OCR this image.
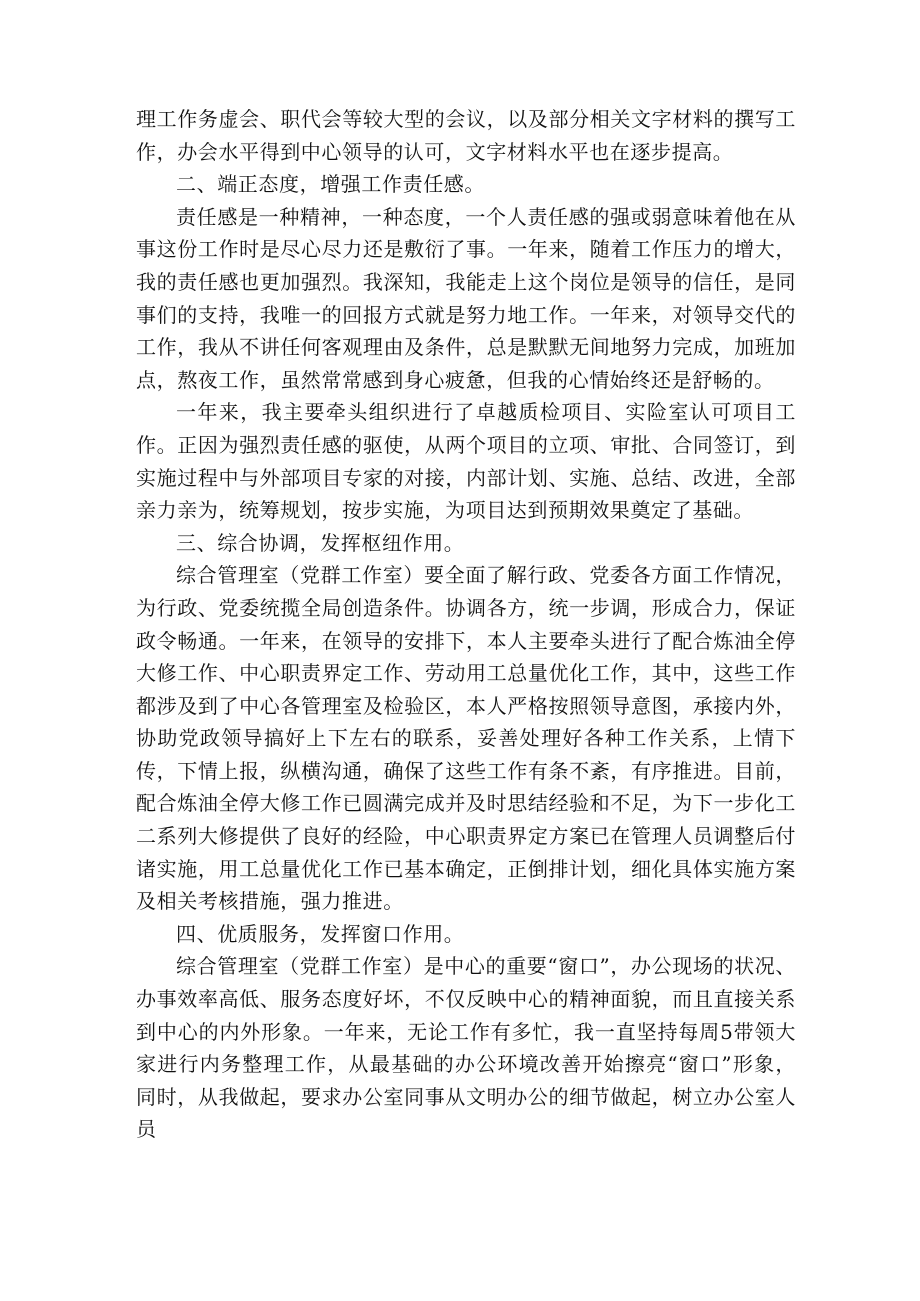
理工作务虚会、职代会等较大型的会议，以及部分相关文字材料的撰写工作，办会水平得到中心领导的认可，文字材料水平也在逐步提高。

二、端正态度，增强工作责任感。

责任感是一种精神，一种态度，一个人责任感的强或弱意味着他在从事这份工作时是尽心尽力还是敷衍了事。一年来，随着工作压力的增大，我的责任感也更加强烈。我深知，我能走上这个岗位是领导的信任，是同事们的支持，我唯一的回报方式就是努力地工作。一年来，对领导交代的工作，我从不讲任何客观理由及条件，总是默默无间地努力完成，加班加点，熬夜工作，虽然常常感到身心疲惫，但我的心情始终还是舒畅的。

一年来，我主要牵头组织进行了卓越质检项目、实险室认可项目工作。正因为强烈责任感的驱使，从两个项目的立项、审批、合同签订，到实施过程中与外部项目专家的对接，内部计划、实施、总结、改进，全部亲力亲为，统筹规划，按步实施，为项目达到预期效果奠定了基础。

三、综合协调，发挥枢纽作用。

综合管理室（党群工作室）要全面了解行政、党委各方面工作情况，为行政、党委统揽全局创造条件。协调各方，统一步调，形成合力，保证政令畅通。一年来，在领导的安排下，本人主要牵头进行了配合炼油全停大修工作、中心职责界定工作、劳动用工总量优化工作，其中，这些工作都涉及到了中心各管理室及检验区，本人严格按照领导意图，承接内外，协助党政领导搞好上下左右的联系，妥善处理好各种工作关系，上情下传，下情上报，纵横沟通，确保了这些工作有条不紊，有序推进。目前，配合炼油全停大修工作已圆满完成并及时思结经验和不足，为下一步化工二系列大修提供了良好的经险，中心职责界定方案已在管理人员调整后付诸实施，用工总量优化工作已基本确定，正倒排计划，细化具体实施方案及相关考核措施，强力推进。

四、优质服务，发挥窗口作用。

综合管理室（党群工作室）是中心的重要“窗口”，办公现场的状况、办事效率高低、服务态度好坏，不仅反映中心的精神面貌，而且直接关系到中心的内外形象。一年来，无论工作有多忙，我一直坚持每周5带领大家进行内务整理工作，从最基础的办公环境改善开始擦亮“窗口”形象，同时，从我做起，要求办公室同事从文明办公的细节做起，树立办公室人员
